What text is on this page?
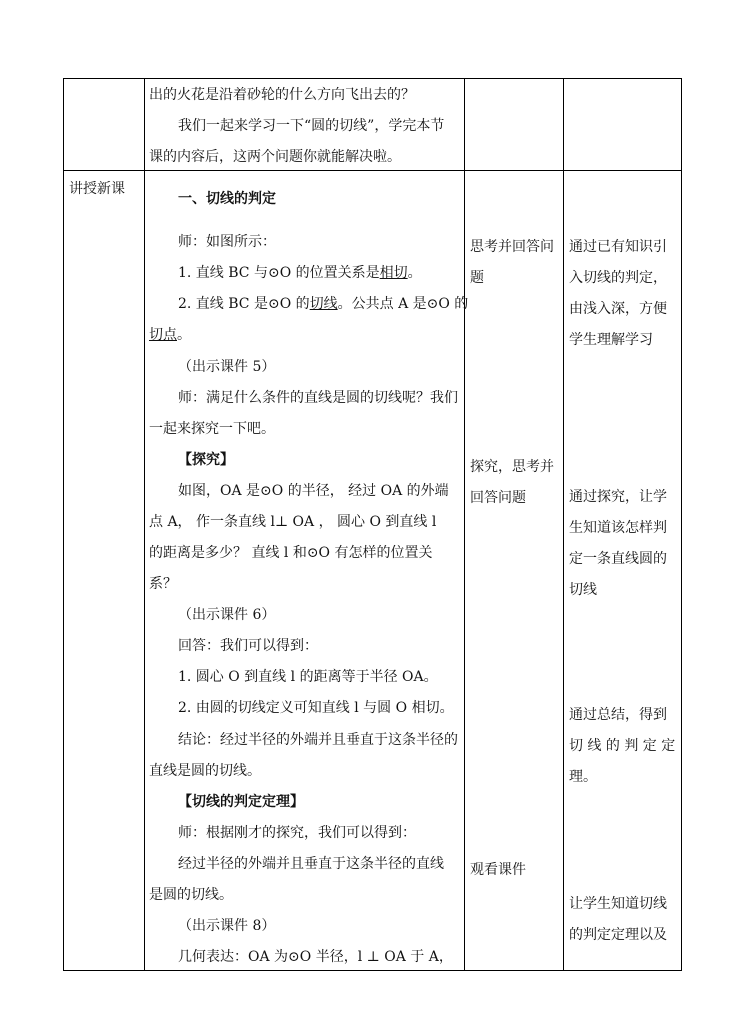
出的火花是沿着砂轮的什么方向飞出去的？
我们一起来学习一下“圆的切线”，学完本节
课的内容后，这两个问题你就能解决啦。
讲授新课
一、切线的判定
师：如图所示：
1. 直线 BC 与⊙O 的位置关系是相切。
2. 直线 BC 是⊙O 的切线。公共点 A 是⊙O 的
切点。
（出示课件 5）
师：满足什么条件的直线是圆的切线呢？我们
一起来探究一下吧。
【探究】
如图，OA 是⊙O 的半径， 经过 OA 的外端
点 A， 作一条直线 l⊥ OA ， 圆心 O 到直线 l
的距离是多少？ 直线 l 和⊙O 有怎样的位置关
系？
（出示课件 6）
回答：我们可以得到：
1. 圆心 O 到直线 l 的距离等于半径 OA。
2. 由圆的切线定义可知直线 l 与圆 O 相切。
结论：经过半径的外端并且垂直于这条半径的
直线是圆的切线。
【切线的判定定理】
师：根据刚才的探究，我们可以得到：
经过半径的外端并且垂直于这条半径的直线
是圆的切线。
（出示课件 8）
几何表达：OA 为⊙O 半径，l ⊥ OA 于 A，
思考并回答问
题
探究，思考并
回答问题
观看课件
通过已有知识引
入切线的判定，
由浅入深，方便
学生理解学习
通过探究，让学
生知道该怎样判
定一条直线圆的
切线
通过总结，得到
切 线 的 判 定 定
理。
让学生知道切线
的判定定理以及
